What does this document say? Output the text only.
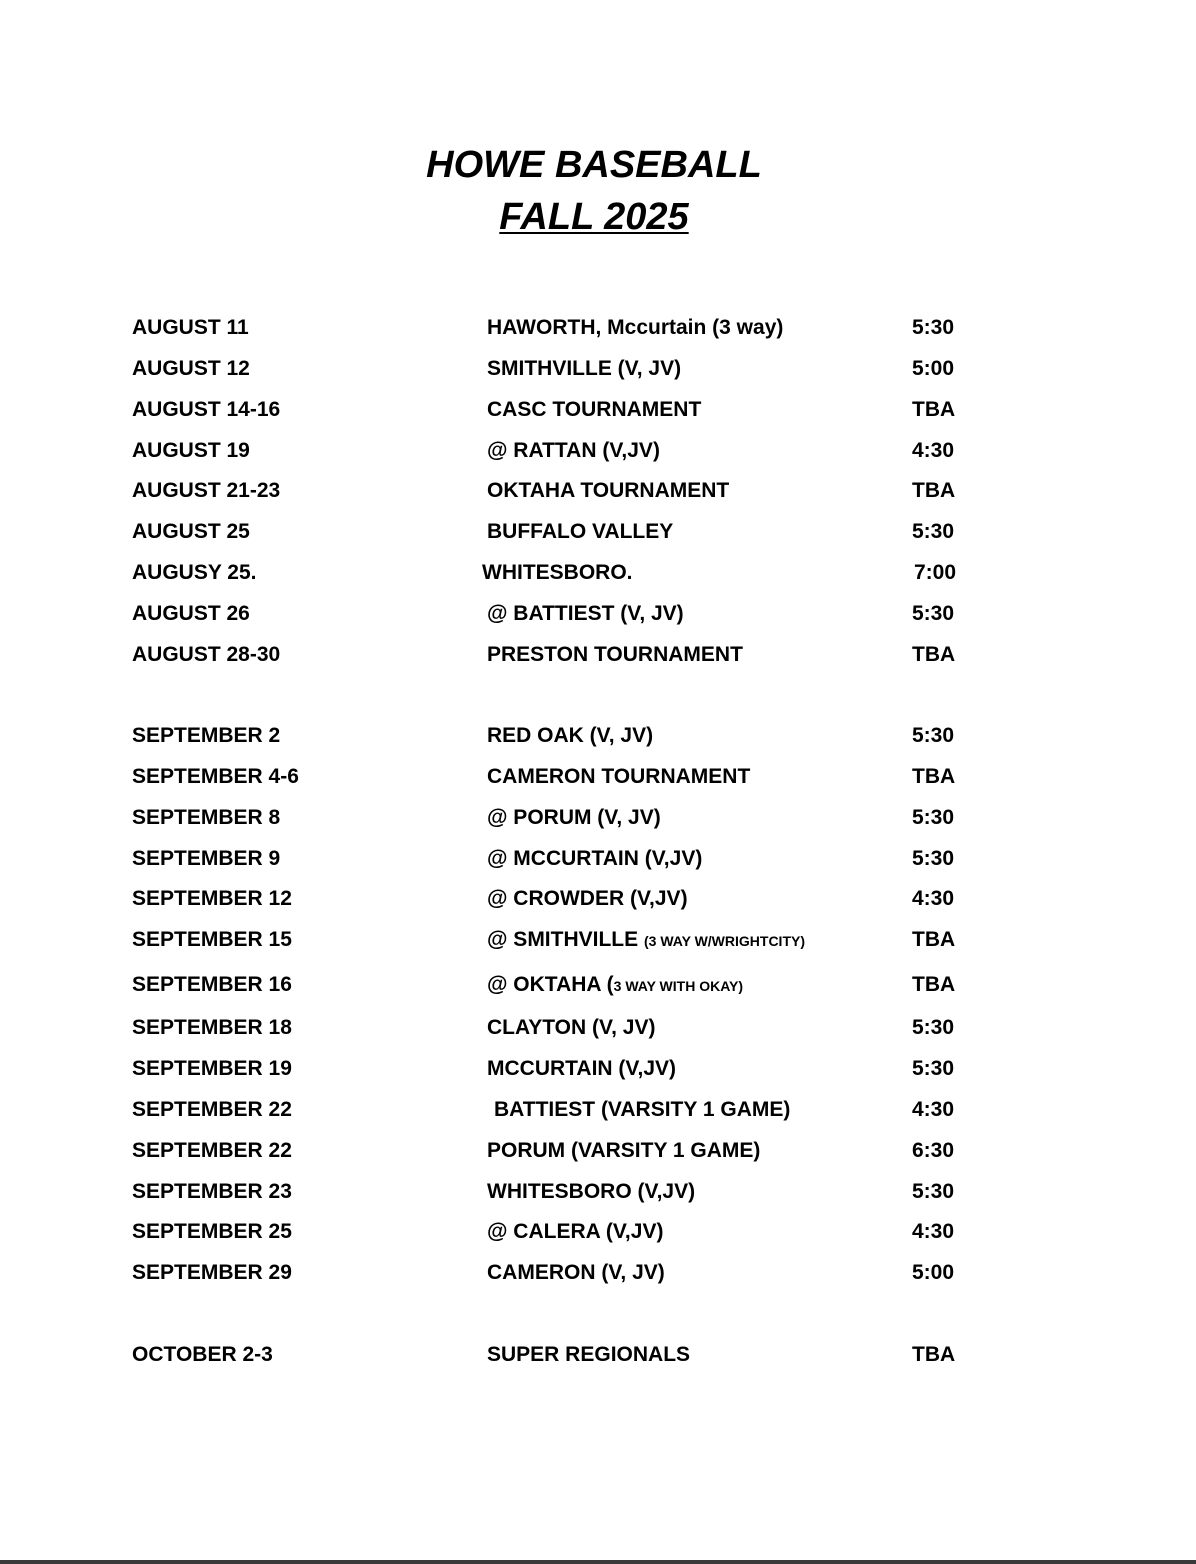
HOWE BASEBALL
FALL 2025
AUGUST 11	HAWORTH, Mccurtain (3 way)	5:30
AUGUST 12	SMITHVILLE (V, JV)	5:00
AUGUST 14-16	CASC TOURNAMENT	TBA
AUGUST 19	@ RATTAN (V,JV)	4:30
AUGUST 21-23	OKTAHA TOURNAMENT	TBA
AUGUST 25	BUFFALO VALLEY	5:30
AUGUSY 25.	WHITESBORO.	7:00
AUGUST 26	@ BATTIEST (V, JV)	5:30
AUGUST 28-30	PRESTON TOURNAMENT	TBA
SEPTEMBER 2	RED OAK (V, JV)	5:30
SEPTEMBER 4-6	CAMERON TOURNAMENT	TBA
SEPTEMBER 8	@ PORUM (V, JV)	5:30
SEPTEMBER 9	@ MCCURTAIN (V,JV)	5:30
SEPTEMBER 12	@ CROWDER (V,JV)	4:30
SEPTEMBER 15	@ SMITHVILLE (3 WAY W/WRIGHTCITY)	TBA
SEPTEMBER 16	@ OKTAHA (3 WAY WITH OKAY)	TBA
SEPTEMBER 18	CLAYTON (V, JV)	5:30
SEPTEMBER 19	MCCURTAIN (V,JV)	5:30
SEPTEMBER 22	BATTIEST (VARSITY 1 GAME)	4:30
SEPTEMBER 22	PORUM (VARSITY 1 GAME)	6:30
SEPTEMBER 23	WHITESBORO (V,JV)	5:30
SEPTEMBER 25	@ CALERA (V,JV)	4:30
SEPTEMBER 29	CAMERON (V, JV)	5:00
OCTOBER 2-3	SUPER REGIONALS	TBA
